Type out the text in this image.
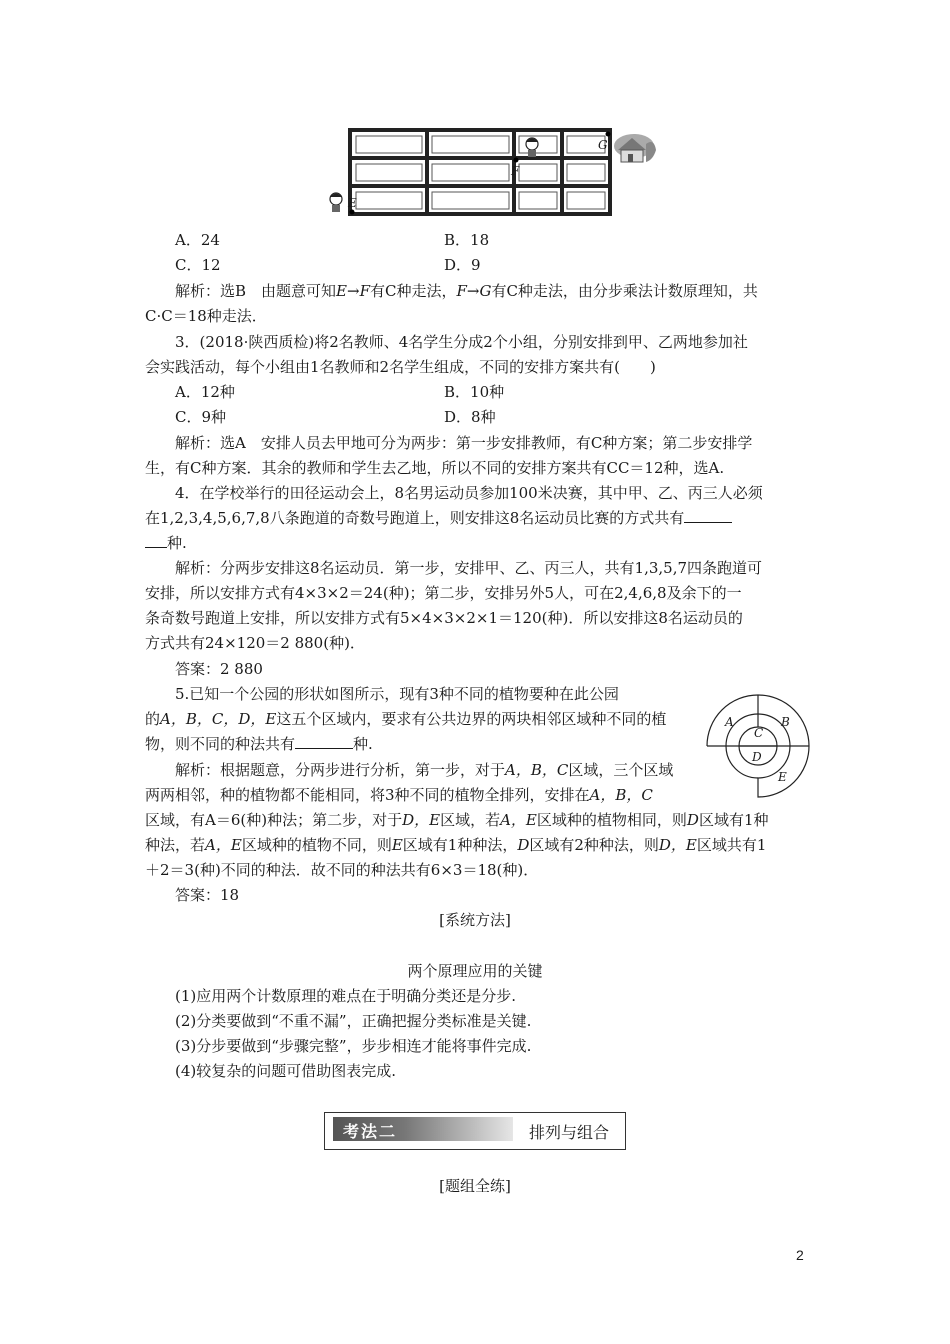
E
F
G
A．24	B．18
C．12	D．9
解析：选B　由题意可知E→F有C种走法，F→G有C种走法，由分步乘法计数原理知，共
C·C＝18种走法．
3．(2018·陕西质检)将2名教师、4名学生分成2个小组，分别安排到甲、乙两地参加社
会实践活动，每个小组由1名教师和2名学生组成，不同的安排方案共有(　　)
A．12种	B．10种
C．9种	D．8种
解析：选A　安排人员去甲地可分为两步：第一步安排教师，有C种方案；第二步安排学
生，有C种方案．其余的教师和学生去乙地，所以不同的安排方案共有CC＝12种，选A.
4．在学校举行的田径运动会上，8名男运动员参加100米决赛，其中甲、乙、丙三人必须
在1,2,3,4,5,6,7,8八条跑道的奇数号跑道上，则安排这8名运动员比赛的方式共有
种.
解析：分两步安排这8名运动员．第一步，安排甲、乙、丙三人，共有1,3,5,7四条跑道可
安排，所以安排方式有4×3×2＝24(种)；第二步，安排另外5人，可在2,4,6,8及余下的一
条奇数号跑道上安排，所以安排方式有5×4×3×2×1＝120(种)．所以安排这8名运动员的
方式共有24×120＝2 880(种)．
答案：2 880
5.已知一个公园的形状如图所示，现有3种不同的植物要种在此公园
的A，B，C，D，E这五个区域内，要求有公共边界的两块相邻区域种不同的植
物，则不同的种法共有	种.
解析：根据题意，分两步进行分析，第一步，对于A，B，C区域，三个区域
两两相邻，种的植物都不能相同，将3种不同的植物全排列，安排在A，B，C
区域，有A＝6(种)种法；第二步，对于D，E区域，若A，E区域种的植物相同，则D区域有1种
种法，若A，E区域种的植物不同，则E区域有1种种法，D区域有2种种法，则D，E区域共有1
＋2＝3(种)不同的种法．故不同的种法共有6×3＝18(种)．
答案：18
A	B
C
D
E
[系统方法]
两个原理应用的关键
(1)应用两个计数原理的难点在于明确分类还是分步.
(2)分类要做到“不重不漏”，正确把握分类标准是关键.
(3)分步要做到“步骤完整”，步步相连才能将事件完成.
(4)较复杂的问题可借助图表完成.
考法二	排列与组合
[题组全练]
2
